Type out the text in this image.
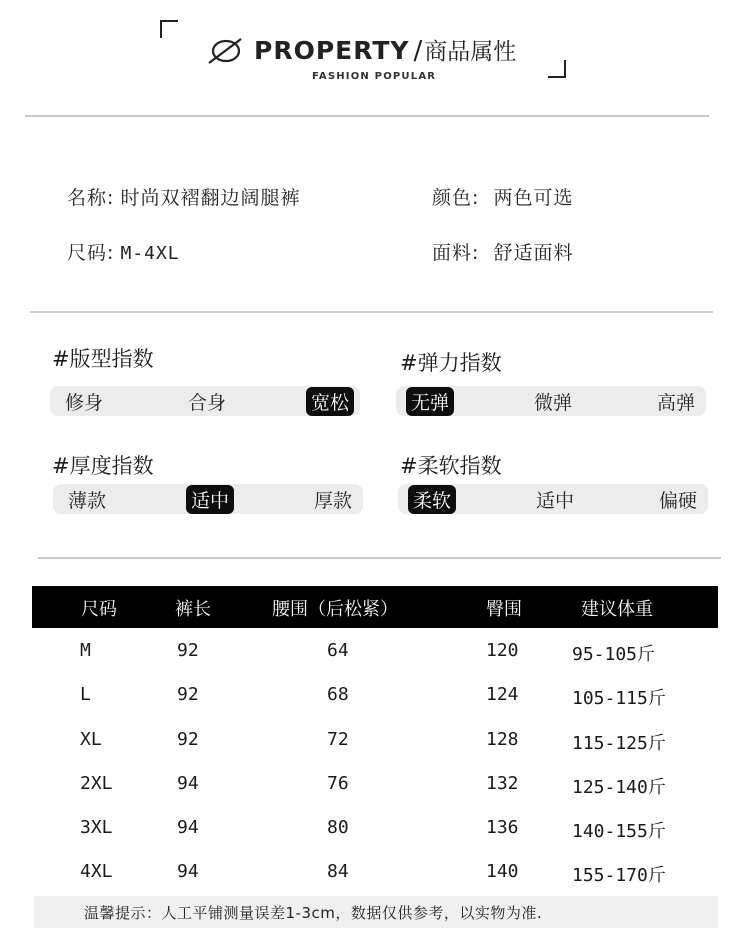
PROPERTY / 商品属性
FASHION POPULAR
名称: 时尚双褶翻边阔腿裤	颜色: 两色可选
尺码: M-4XL	面料: 舒适面料
#版型指数
修身	合身	宽松
#弹力指数
无弹	微弹	高弹
#厚度指数
薄款	适中	厚款
#柔软指数
柔软	适中	偏硬
尺码	裤长	腰围（后松紧）	臀围	建议体重
M	92	64	120	95-105斤
L	92	68	124	105-115斤
XL	92	72	128	115-125斤
2XL	94	76	132	125-140斤
3XL	94	80	136	140-155斤
4XL	94	84	140	155-170斤
温馨提示：人工平铺测量误差1-3cm，数据仅供参考，以实物为准.
